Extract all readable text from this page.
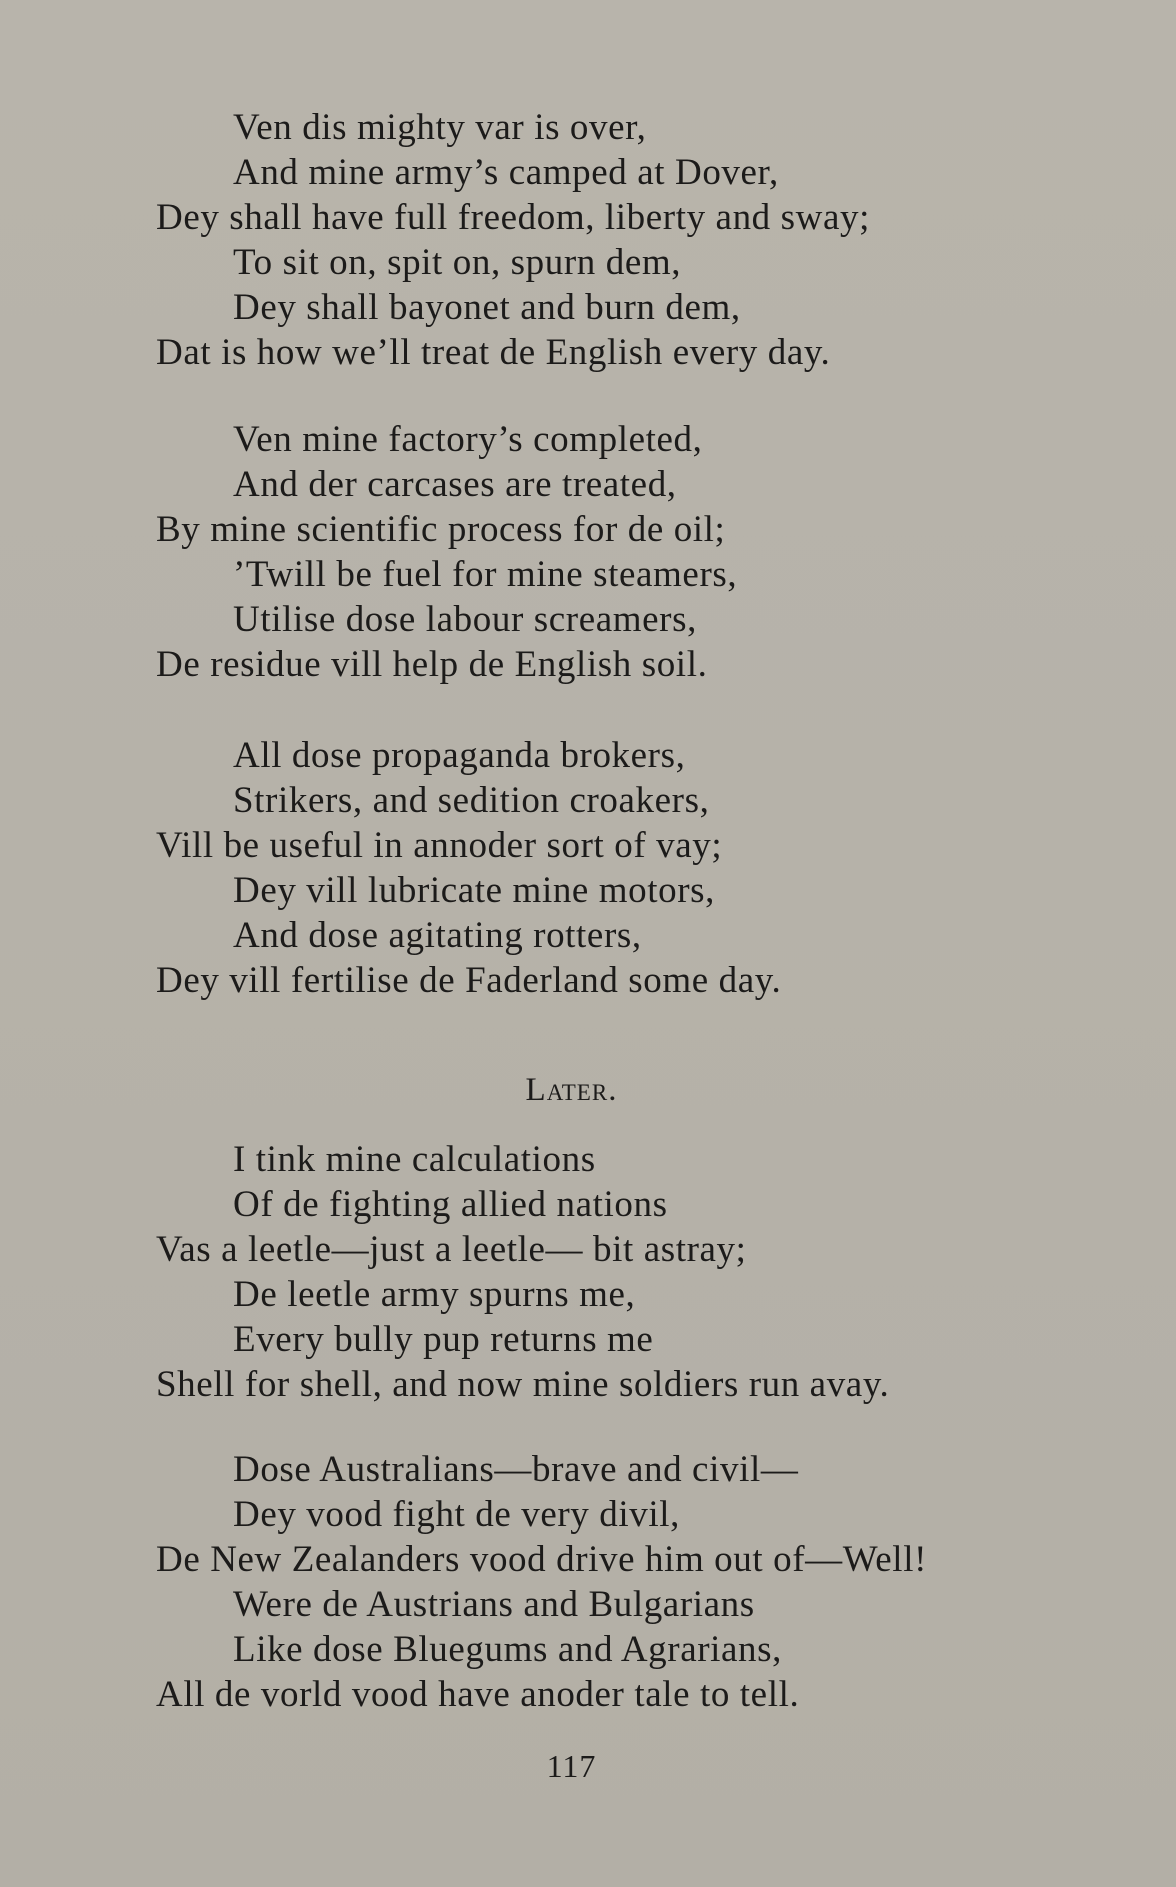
Ven dis mighty var is over,
And mine army’s camped at Dover,
Dey shall have full freedom, liberty and sway;
To sit on, spit on, spurn dem,
Dey shall bayonet and burn dem,
Dat is how we’ll treat de English every day.
Ven mine factory’s completed,
And der carcases are treated,
By mine scientific process for de oil;
’Twill be fuel for mine steamers,
Utilise dose labour screamers,
De residue vill help de English soil.
All dose propaganda brokers,
Strikers, and sedition croakers,
Vill be useful in annoder sort of vay;
Dey vill lubricate mine motors,
And dose agitating rotters,
Dey vill fertilise de Faderland some day.
Later.
I tink mine calculations
Of de fighting allied nations
Vas a leetle—just a leetle— bit astray;
De leetle army spurns me,
Every bully pup returns me
Shell for shell, and now mine soldiers run avay.
Dose Australians—brave and civil—
Dey vood fight de very divil,
De New Zealanders vood drive him out of—Well!
Were de Austrians and Bulgarians
Like dose Bluegums and Agrarians,
All de vorld vood have anoder tale to tell.
117
